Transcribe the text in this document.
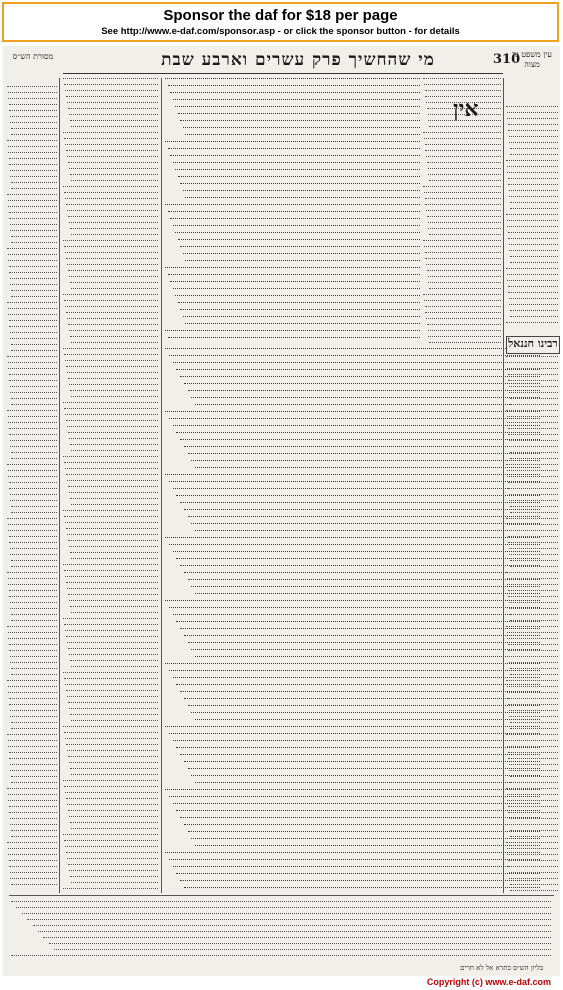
Sponsor the daf for $18 per page
See http://www.e-daf.com/sponsor.asp - or click the sponsor button - for details
מסורת הש״ס	מי שהחשיך פרק עשרים וארבע שבת	310
עין משפט נר מצוה
אין
רבינו חננאל
בליון הש״ס בתרא אל לא חרים
Copyright (c) www.e-daf.com
